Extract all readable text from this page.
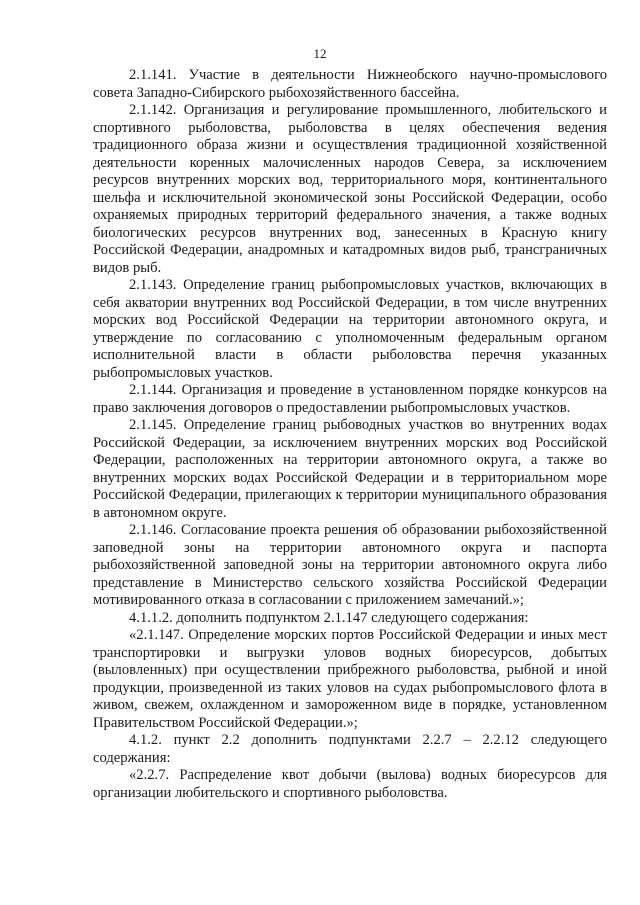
12

2.1.141. Участие в деятельности Нижнеобского научно-промыслового совета Западно-Сибирского рыбохозяйственного бассейна.

2.1.142. Организация и регулирование промышленного, любительского и спортивного рыболовства, рыболовства в целях обеспечения ведения традиционного образа жизни и осуществления традиционной хозяйственной деятельности коренных малочисленных народов Севера, за исключением ресурсов внутренних морских вод, территориального моря, континентального шельфа и исключительной экономической зоны Российской Федерации, особо охраняемых природных территорий федерального значения, а также водных биологических ресурсов внутренних вод, занесенных в Красную книгу Российской Федерации, анадромных и катадромных видов рыб, трансграничных видов рыб.

2.1.143. Определение границ рыбопромысловых участков, включающих в себя акватории внутренних вод Российской Федерации, в том числе внутренних морских вод Российской Федерации на территории автономного округа, и утверждение по согласованию с уполномоченным федеральным органом исполнительной власти в области рыболовства перечня указанных рыбопромысловых участков.

2.1.144. Организация и проведение в установленном порядке конкурсов на право заключения договоров о предоставлении рыбопромысловых участков.

2.1.145. Определение границ рыбоводных участков во внутренних водах Российской Федерации, за исключением внутренних морских вод Российской Федерации, расположенных на территории автономного округа, а также во внутренних морских водах Российской Федерации и в территориальном море Российской Федерации, прилегающих к территории муниципального образования в автономном округе.

2.1.146. Согласование проекта решения об образовании рыбохозяйственной заповедной зоны на территории автономного округа и паспорта рыбохозяйственной заповедной зоны на территории автономного округа либо представление в Министерство сельского хозяйства Российской Федерации мотивированного отказа в согласовании с приложением замечаний.»;

4.1.1.2. дополнить подпунктом 2.1.147 следующего содержания:

«2.1.147. Определение морских портов Российской Федерации и иных мест транспортировки и выгрузки уловов водных биоресурсов, добытых (выловленных) при осуществлении прибрежного рыболовства, рыбной и иной продукции, произведенной из таких уловов на судах рыбопромыслового флота в живом, свежем, охлажденном и замороженном виде в порядке, установленном Правительством Российской Федерации.»;

4.1.2. пункт 2.2 дополнить подпунктами 2.2.7 – 2.2.12 следующего содержания:

«2.2.7. Распределение квот добычи (вылова) водных биоресурсов для организации любительского и спортивного рыболовства.
